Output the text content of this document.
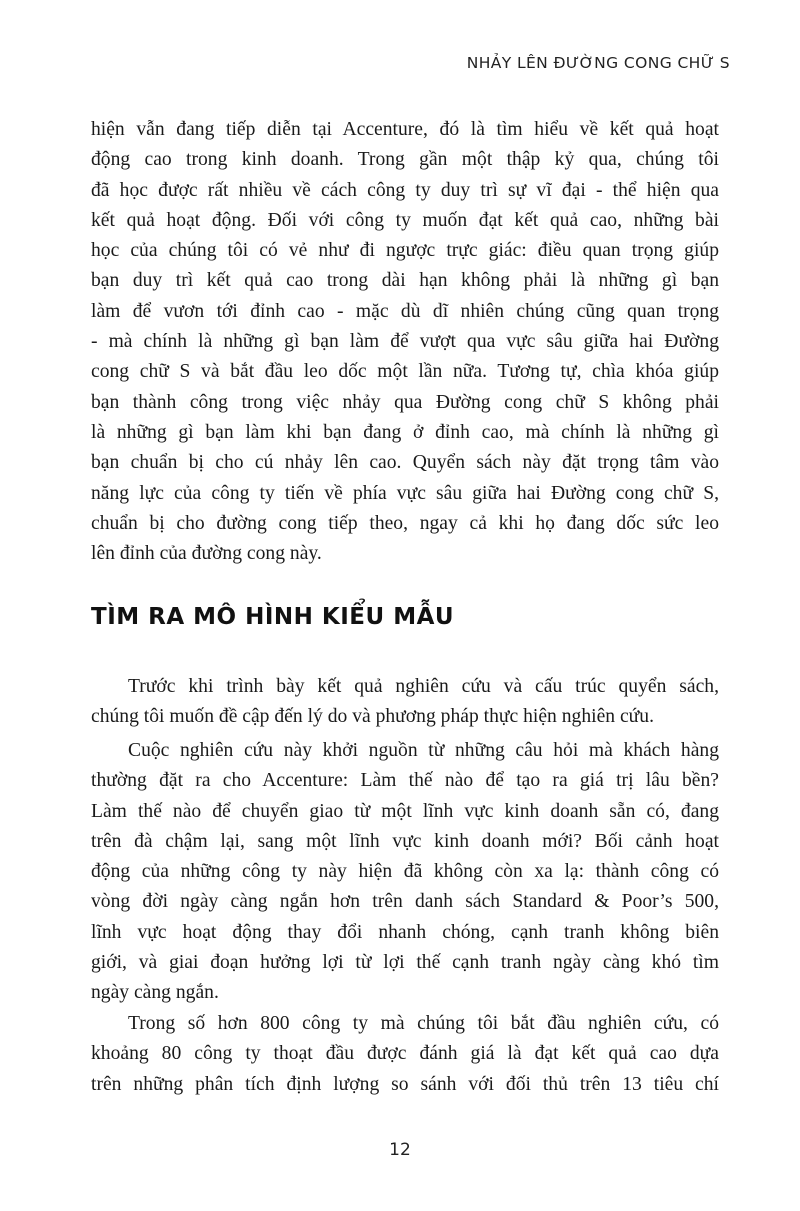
NHẢY LÊN ĐƯỜNG CONG CHỮ S
hiện vẫn đang tiếp diễn tại Accenture, đó là tìm hiểu về kết quả hoạt
động cao trong kinh doanh. Trong gần một thập kỷ qua, chúng tôi
đã học được rất nhiều về cách công ty duy trì sự vĩ đại - thể hiện qua
kết quả hoạt động. Đối với công ty muốn đạt kết quả cao, những bài
học của chúng tôi có vẻ như đi ngược trực giác: điều quan trọng giúp
bạn duy trì kết quả cao trong dài hạn không phải là những gì bạn
làm để vươn tới đỉnh cao - mặc dù dĩ nhiên chúng cũng quan trọng
- mà chính là những gì bạn làm để vượt qua vực sâu giữa hai Đường
cong chữ S và bắt đầu leo dốc một lần nữa. Tương tự, chìa khóa giúp
bạn thành công trong việc nhảy qua Đường cong chữ S không phải
là những gì bạn làm khi bạn đang ở đỉnh cao, mà chính là những gì
bạn chuẩn bị cho cú nhảy lên cao. Quyển sách này đặt trọng tâm vào
năng lực của công ty tiến về phía vực sâu giữa hai Đường cong chữ S,
chuẩn bị cho đường cong tiếp theo, ngay cả khi họ đang dốc sức leo
lên đỉnh của đường cong này.
TÌM RA MÔ HÌNH KIỂU MẪU
Trước khi trình bày kết quả nghiên cứu và cấu trúc quyển sách,
chúng tôi muốn đề cập đến lý do và phương pháp thực hiện nghiên cứu.
Cuộc nghiên cứu này khởi nguồn từ những câu hỏi mà khách hàng
thường đặt ra cho Accenture: Làm thế nào để tạo ra giá trị lâu bền?
Làm thế nào để chuyển giao từ một lĩnh vực kinh doanh sẵn có, đang
trên đà chậm lại, sang một lĩnh vực kinh doanh mới? Bối cảnh hoạt
động của những công ty này hiện đã không còn xa lạ: thành công có
vòng đời ngày càng ngắn hơn trên danh sách Standard & Poor’s 500,
lĩnh vực hoạt động thay đổi nhanh chóng, cạnh tranh không biên
giới, và giai đoạn hưởng lợi từ lợi thế cạnh tranh ngày càng khó tìm
ngày càng ngắn.
Trong số hơn 800 công ty mà chúng tôi bắt đầu nghiên cứu, có
khoảng 80 công ty thoạt đầu được đánh giá là đạt kết quả cao dựa
trên những phân tích định lượng so sánh với đối thủ trên 13 tiêu chí
12
